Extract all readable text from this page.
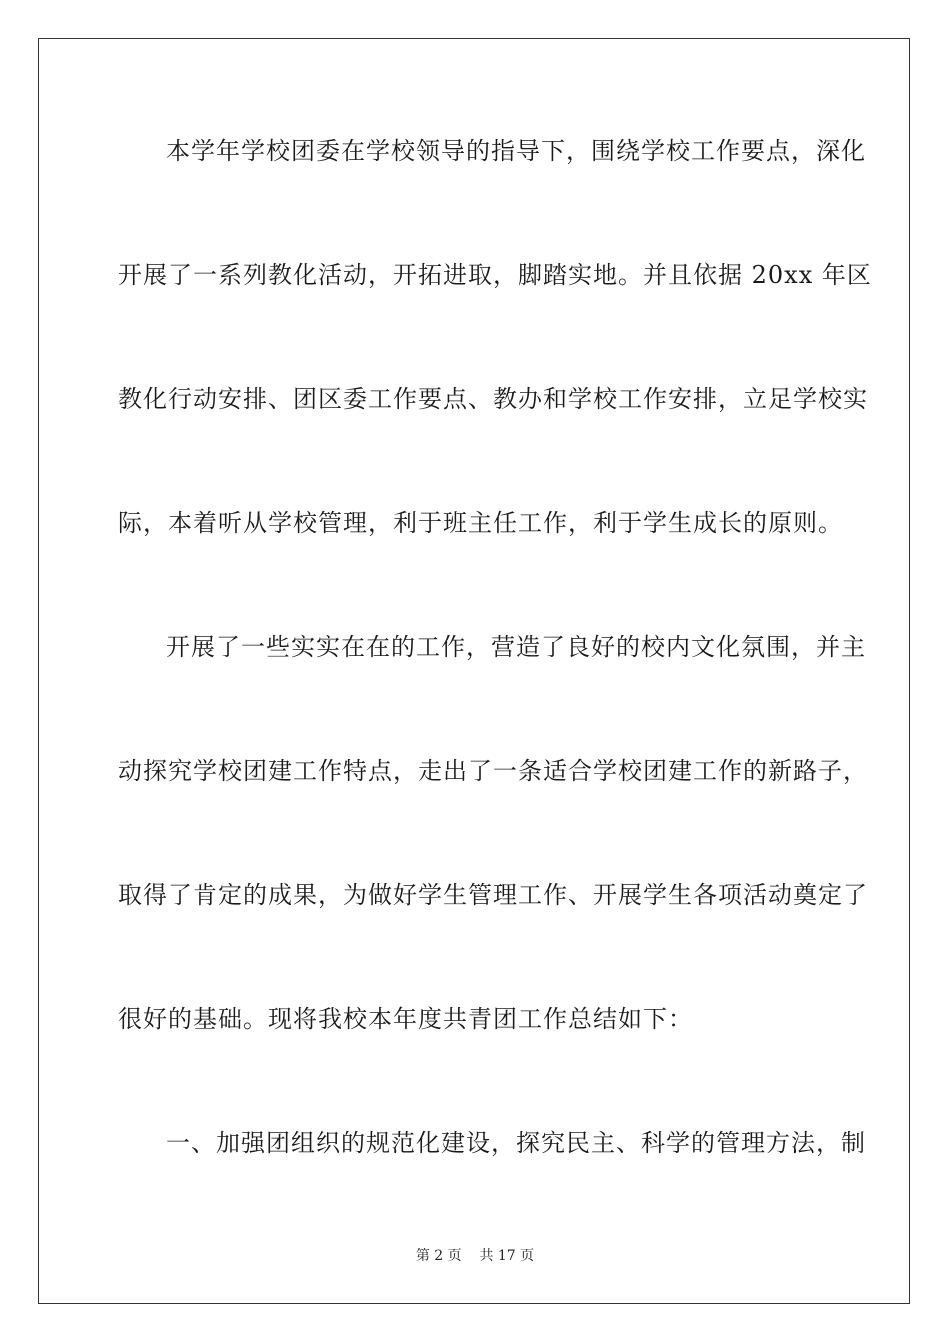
本学年学校团委在学校领导的指导下，围绕学校工作要点，深化
开展了一系列教化活动，开拓进取，脚踏实地。并且依据 20xx 年区
教化行动安排、团区委工作要点、教办和学校工作安排，立足学校实
际，本着听从学校管理，利于班主任工作，利于学生成长的原则。
开展了一些实实在在的工作，营造了良好的校内文化氛围，并主
动探究学校团建工作特点，走出了一条适合学校团建工作的新路子，
取得了肯定的成果，为做好学生管理工作、开展学生各项活动奠定了
很好的基础。现将我校本年度共青团工作总结如下：
一、加强团组织的规范化建设，探究民主、科学的管理方法，制
第 2 页 共 17 页
